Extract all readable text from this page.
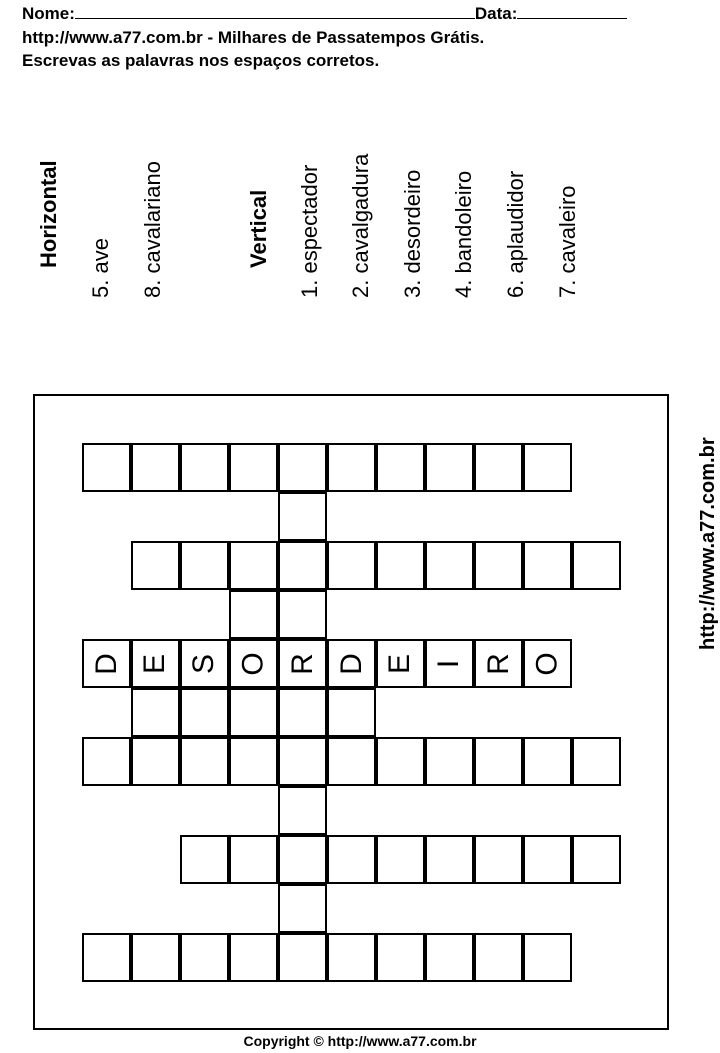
Nome:	Data:
http://www.a77.com.br - Milhares de Passatempos Grátis.
Escrevas as palavras nos espaços corretos.
Horizontal
5. ave 8. cavalariano	Vertical 1. espectador 2. cavalgadura 3. desordeiro 4. bandoleiro 6. aplaudidor 7. cavaleiro
D E S O R D E I R O
http://www.a77.com.br
Copyright © http://www.a77.com.br
